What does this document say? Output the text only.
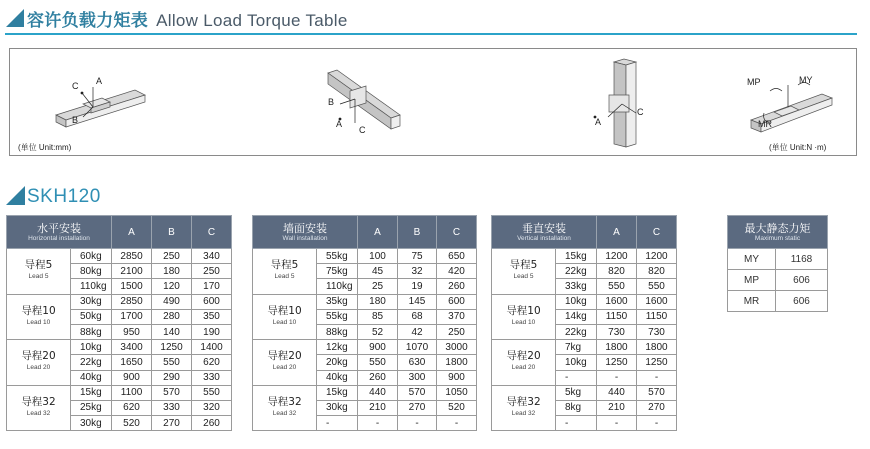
容许负载力矩表 Allow Load Torque Table
C A
B
B
A
C
A
C
MP	MY
MR
(单位 Unit:mm)	(单位 Unit:N ·m)
SKH120
水平安装
Horizontal installation		A	B	C

导程5
Lead 5	60kg	2850	250	340
	80kg	2100	180	250
	110kg	1500	120	170

导程10
Lead 10	30kg	2850	490	600
	50kg	1700	280	350
	88kg	950	140	190

导程20
Lead 20	10kg	3400	1250	1400
	22kg	1650	550	620
	40kg	900	290	330

导程32
Lead 32	15kg	1100	570	550
	25kg	620	330	320
	30kg	520	270	260
墙面安装
Wall installation		A	B	C

导程5
Lead 5	55kg	100	75	650
	75kg	45	32	420
	110kg	25	19	260

导程10
Lead 10	35kg	180	145	600
	55kg	85	68	370
	88kg	52	42	250

导程20
Lead 20	12kg	900	1070	3000
	20kg	550	630	1800
	40kg	260	300	900

导程32
Lead 32	15kg	440	570	1050
	30kg	210	270	520
	-	-	-	-
垂直安装
Vertical installation		A	C

导程5
Lead 5	15kg	1200	1200
	22kg	820	820
	33kg	550	550

导程10
Lead 10	10kg	1600	1600
	14kg	1150	1150
	22kg	730	730

导程20
Lead 20	7kg	1800	1800
	10kg	1250	1250
	-	-	-

导程32
Lead 32	5kg	440	570
	8kg	210	270
	-	-	-
最大静态力矩
Maximum static	

MY	1168
MP	606
MR	606
